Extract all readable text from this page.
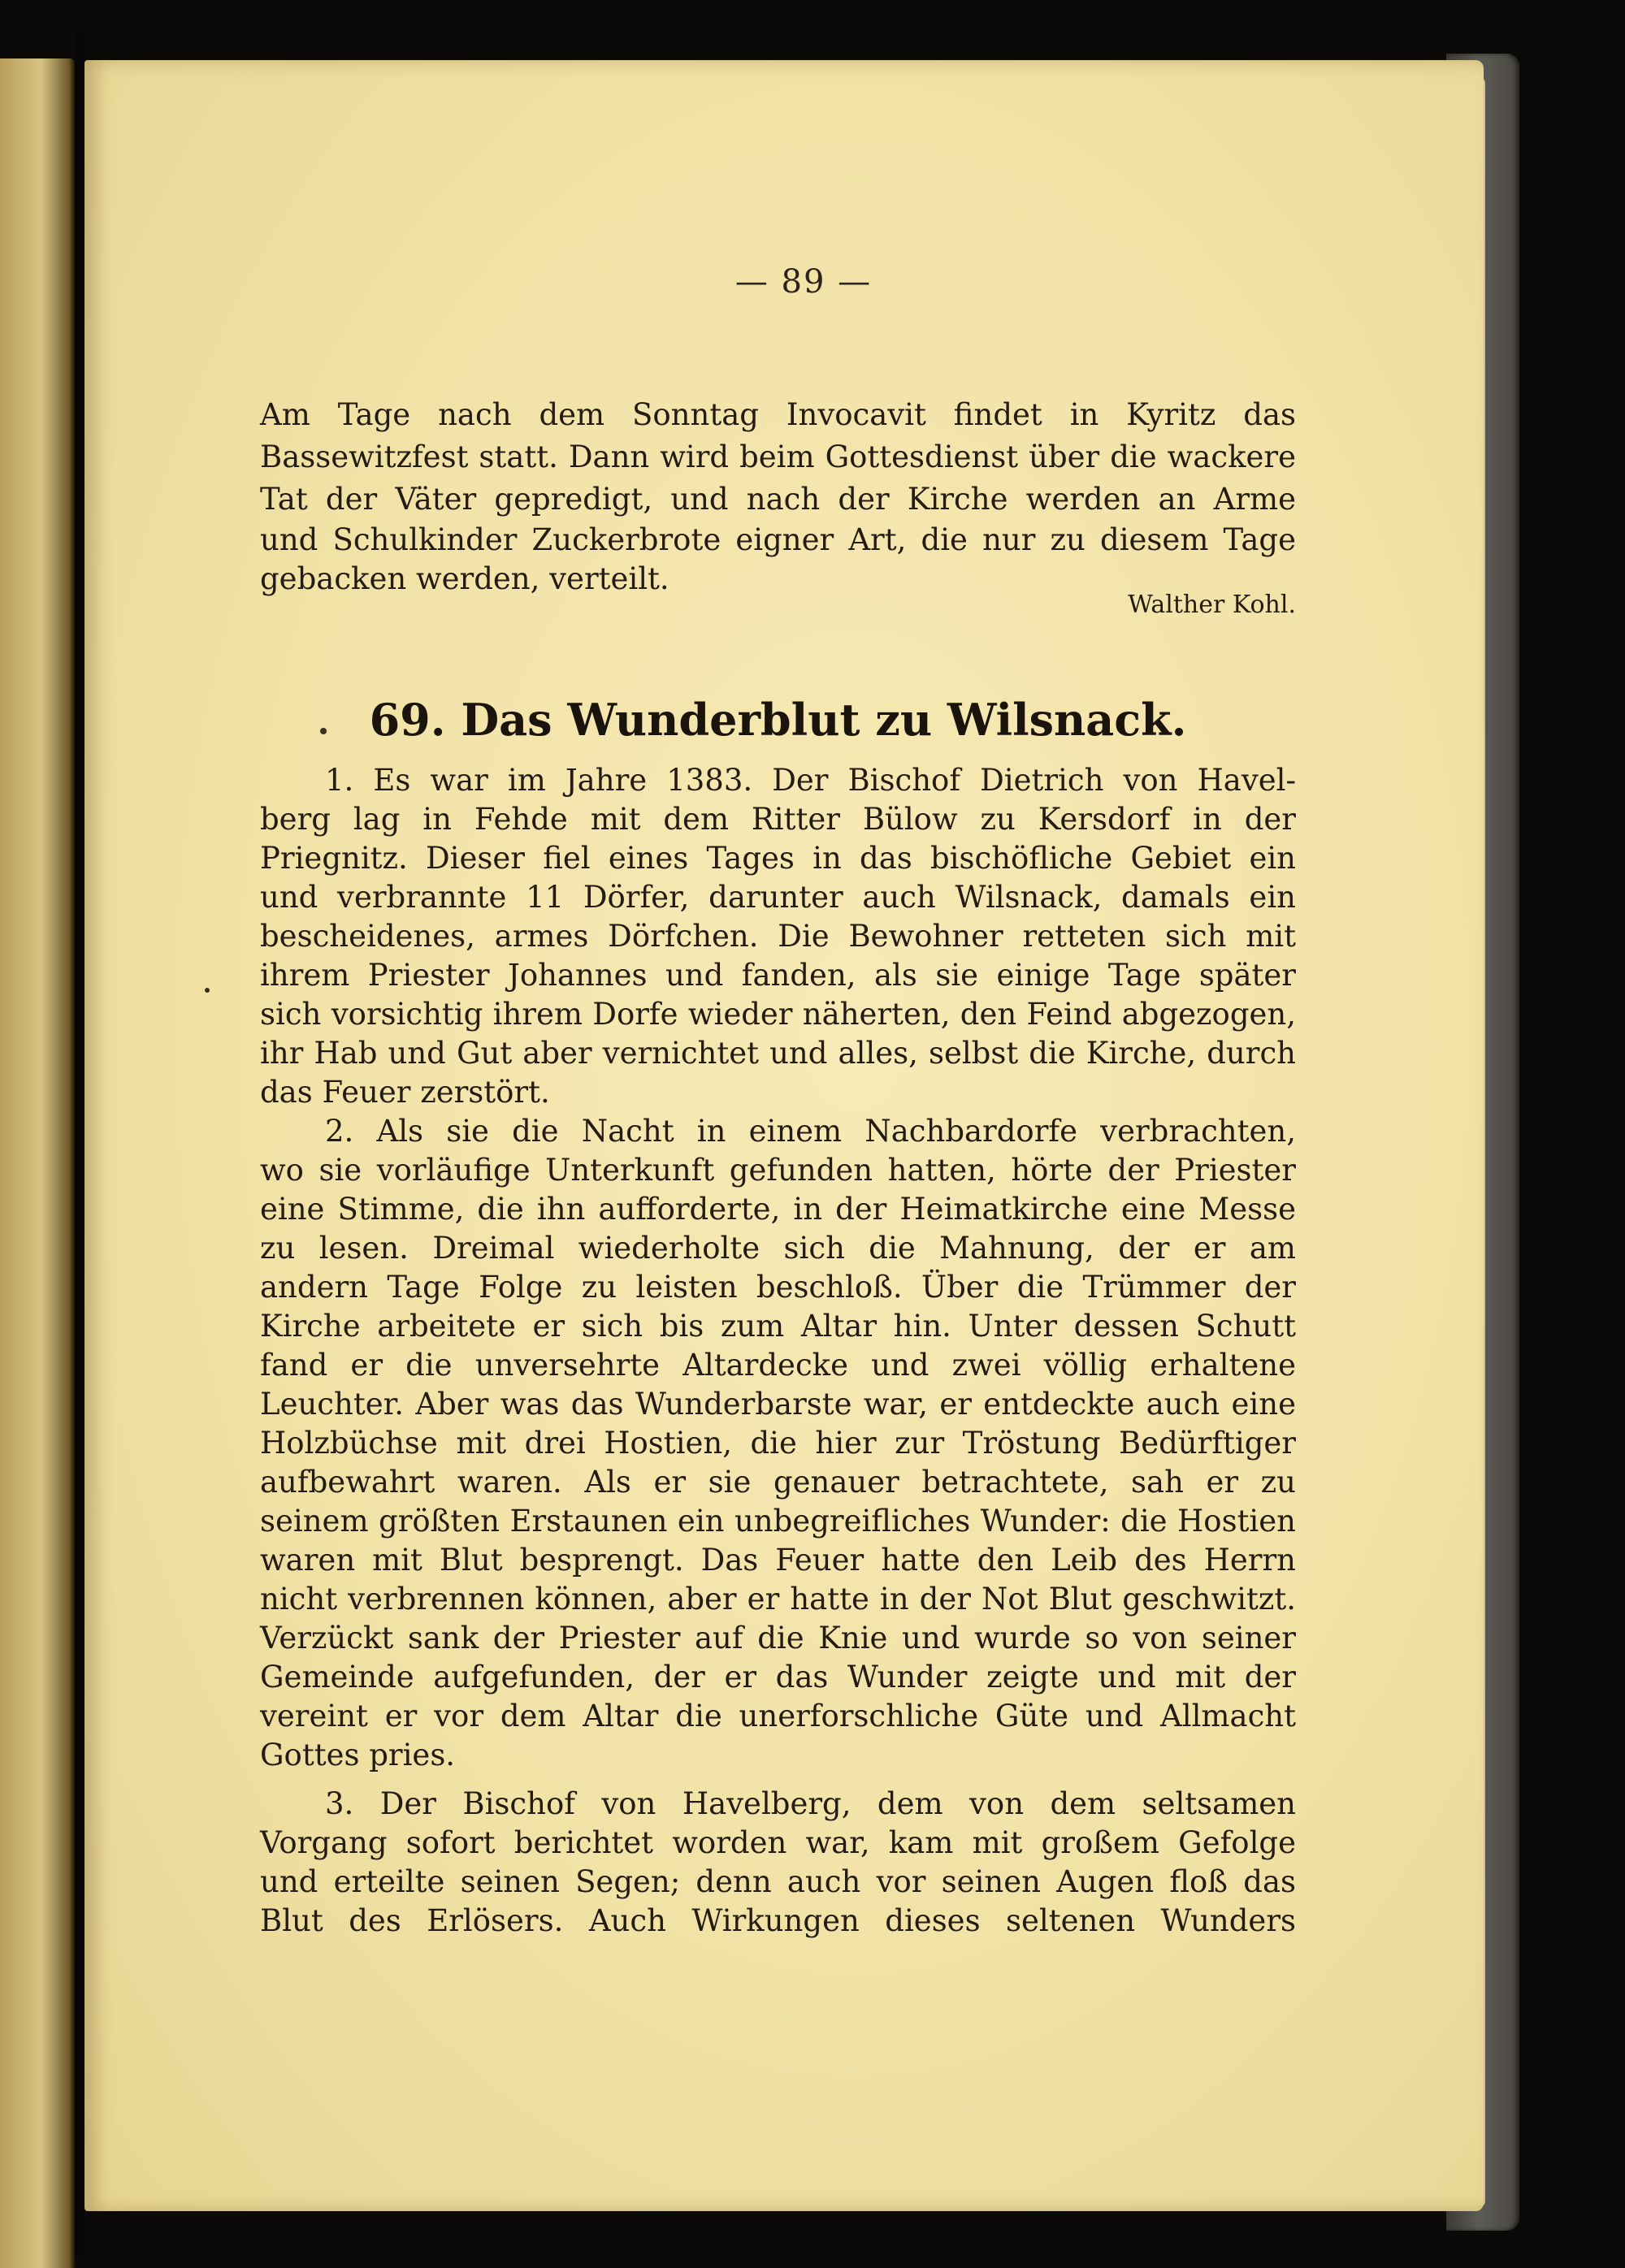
— 89 —
Am Tage nach dem Sonntag Invocavit findet in Kyritz das
Bassewitzfest statt. Dann wird beim Gottesdienst über die wackere
Tat der Väter gepredigt, und nach der Kirche werden an Arme
und Schulkinder Zuckerbrote eigner Art, die nur zu diesem Tage
gebacken werden, verteilt.
Walther Kohl.
69. Das Wunderblut zu Wilsnack.
1. Es war im Jahre 1383. Der Bischof Dietrich von Havel-
berg lag in Fehde mit dem Ritter Bülow zu Kersdorf in der
Priegnitz. Dieser fiel eines Tages in das bischöfliche Gebiet ein
und verbrannte 11 Dörfer, darunter auch Wilsnack, damals ein
bescheidenes, armes Dörfchen. Die Bewohner retteten sich mit
ihrem Priester Johannes und fanden, als sie einige Tage später
sich vorsichtig ihrem Dorfe wieder näherten, den Feind abgezogen,
ihr Hab und Gut aber vernichtet und alles, selbst die Kirche, durch
das Feuer zerstört.
2. Als sie die Nacht in einem Nachbardorfe verbrachten,
wo sie vorläufige Unterkunft gefunden hatten, hörte der Priester
eine Stimme, die ihn aufforderte, in der Heimatkirche eine Messe
zu lesen. Dreimal wiederholte sich die Mahnung, der er am
andern Tage Folge zu leisten beschloß. Über die Trümmer der
Kirche arbeitete er sich bis zum Altar hin. Unter dessen Schutt
fand er die unversehrte Altardecke und zwei völlig erhaltene
Leuchter. Aber was das Wunderbarste war, er entdeckte auch eine
Holzbüchse mit drei Hostien, die hier zur Tröstung Bedürftiger
aufbewahrt waren. Als er sie genauer betrachtete, sah er zu
seinem größten Erstaunen ein unbegreifliches Wunder: die Hostien
waren mit Blut besprengt. Das Feuer hatte den Leib des Herrn
nicht verbrennen können, aber er hatte in der Not Blut geschwitzt.
Verzückt sank der Priester auf die Knie und wurde so von seiner
Gemeinde aufgefunden, der er das Wunder zeigte und mit der
vereint er vor dem Altar die unerforschliche Güte und Allmacht
Gottes pries.
3. Der Bischof von Havelberg, dem von dem seltsamen
Vorgang sofort berichtet worden war, kam mit großem Gefolge
und erteilte seinen Segen; denn auch vor seinen Augen floß das
Blut des Erlösers. Auch Wirkungen dieses seltenen Wunders
